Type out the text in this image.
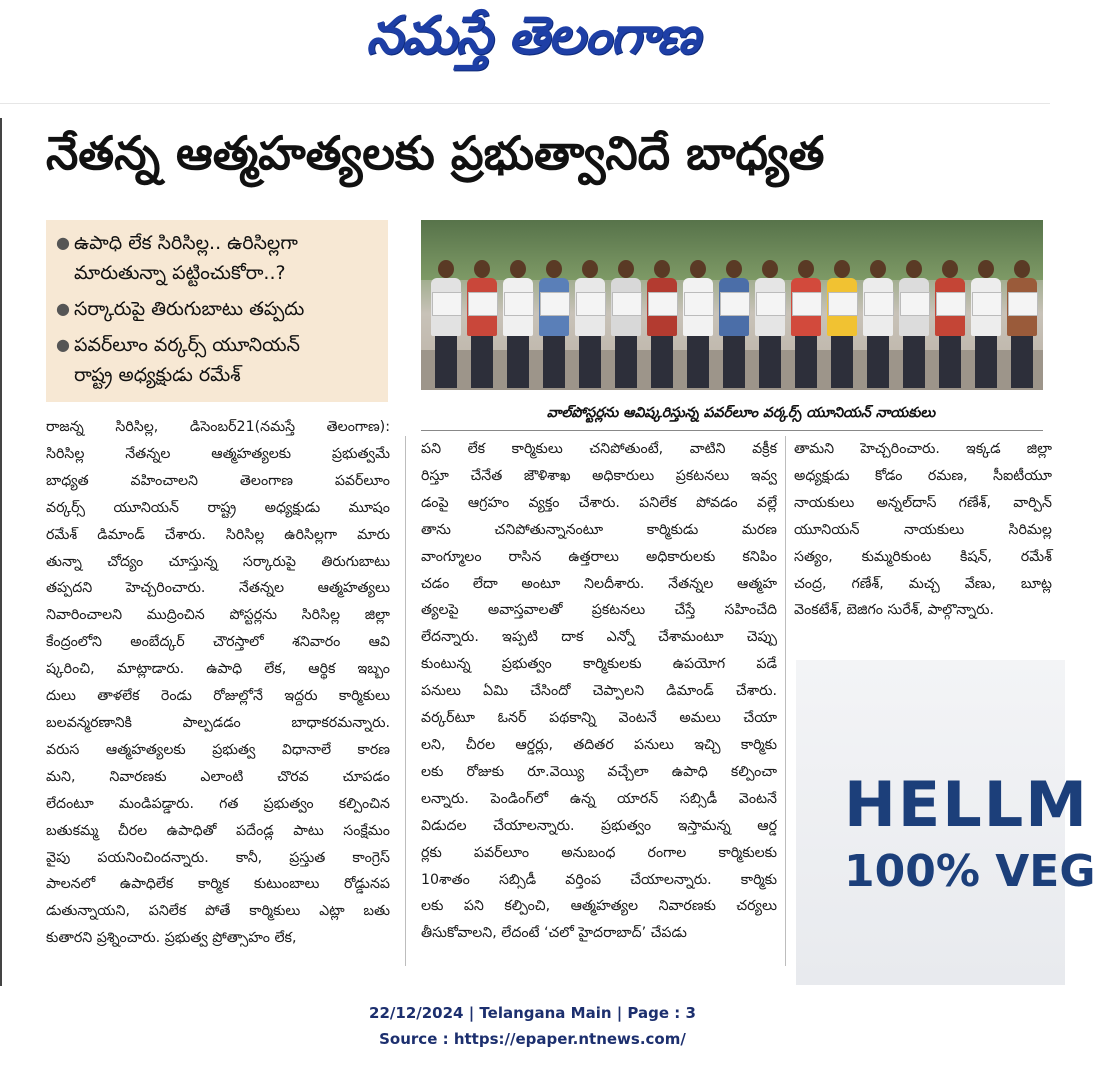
నమస్తే తెలంగాణ
నేతన్న ఆత్మహత్యలకు ప్రభుత్వానిదే బాధ్యత
● ఉపాధి లేక సిరిసిల్ల.. ఉరిసిల్లగా
మారుతున్నా పట్టించుకోరా..?
● సర్కారుపై తిరుగుబాటు తప్పదు
● పవర్‌లూం వర్కర్స్ యూనియన్
రాష్ట్ర అధ్యక్షుడు రమేశ్
వాల్‌పోస్టర్లను ఆవిష్కరిస్తున్న పవర్‌లూం వర్కర్స్ యూనియన్ నాయకులు
రాజన్న సిరిసిల్ల, డిసెంబర్21(నమస్తే తెలంగాణ):
సిరిసిల్ల నేతన్నల ఆత్మహత్యలకు ప్రభుత్వమే
బాధ్యత వహించాలని తెలంగాణ పవర్‌లూం
వర్కర్స్ యూనియన్ రాష్ట్ర అధ్యక్షుడు మూషం
రమేశ్ డిమాండ్ చేశారు. సిరిసిల్ల ఉరిసిల్లగా మారు
తున్నా చోద్యం చూస్తున్న సర్కారుపై తిరుగుబాటు
తప్పదని హెచ్చరించారు. నేతన్నల ఆత్మహత్యలు
నివారించాలని ముద్రించిన పోస్టర్లను సిరిసిల్ల జిల్లా
కేంద్రంలోని అంబేద్కర్ చౌరస్తాలో శనివారం ఆవి
ష్కరించి, మాట్లాడారు. ఉపాధి లేక, ఆర్థిక ఇబ్బం
దులు తాళలేక రెండు రోజుల్లోనే ఇద్దరు కార్మికులు
బలవన్మరణానికి పాల్పడడం బాధాకరమన్నారు.
వరుస ఆత్మహత్యలకు ప్రభుత్వ విధానాలే కారణ
మని, నివారణకు ఎలాంటి చొరవ చూపడం
లేదంటూ మండిపడ్డారు. గత ప్రభుత్వం కల్పించిన
బతుకమ్మ చీరల ఉపాధితో పదేండ్ల పాటు సంక్షేమం
వైపు పయనించిందన్నారు. కానీ, ప్రస్తుత కాంగ్రెస్
పాలనలో ఉపాధిలేక కార్మిక కుటుంబాలు రోడ్డునప
డుతున్నాయని, పనిలేక పోతే కార్మికులు ఎట్లా బతు
కుతారని ప్రశ్నించారు. ప్రభుత్వ ప్రోత్సాహం లేక,
పని లేక కార్మికులు చనిపోతుంటే, వాటిని వక్రీక
రిస్తూ చేనేత జౌళిశాఖ అధికారులు ప్రకటనలు ఇవ్వ
డంపై ఆగ్రహం వ్యక్తం చేశారు. పనిలేక పోవడం వల్లే
తాను చనిపోతున్నానంటూ కార్మికుడు మరణ
వాంగ్మూలం రాసిన ఉత్తరాలు అధికారులకు కనిపిం
చడం లేదా అంటూ నిలదీశారు. నేతన్నల ఆత్మహ
త్యలపై అవాస్తవాలతో ప్రకటనలు చేస్తే సహించేది
లేదన్నారు. ఇప్పటి దాక ఎన్నో చేశామంటూ చెప్పు
కుంటున్న ప్రభుత్వం కార్మికులకు ఉపయోగ పడే
పనులు ఏమి చేసిందో చెప్పాలని డిమాండ్ చేశారు.
వర్కర్‌టూ ఓనర్ పథకాన్ని వెంటనే అమలు చేయా
లని, చీరల ఆర్డర్లు, తదితర పనులు ఇచ్చి కార్మికు
లకు రోజుకు రూ.వెయ్యి వచ్చేలా ఉపాధి కల్పించా
లన్నారు. పెండింగ్‌లో ఉన్న యారన్ సబ్సిడీ వెంటనే
విడుదల చేయాలన్నారు. ప్రభుత్వం ఇస్తామన్న ఆర్డ
ర్లకు పవర్‌లూం అనుబంధ రంగాల కార్మికులకు
10శాతం సబ్సిడీ వర్తింప చేయాలన్నారు. కార్మికు
లకు పని కల్పించి, ఆత్మహత్యల నివారణకు చర్యలు
తీసుకోవాలని, లేదంటే ‘చలో హైదరాబాద్’ చేపడు
తామని హెచ్చరించారు. ఇక్కడ జిల్లా
అధ్యక్షుడు కోడం రమణ, సీఐటీయూ
నాయకులు అన్నల్‌దాస్ గణేశ్, వార్పిన్
యూనియన్ నాయకులు సిరిమల్ల
సత్యం, కుమ్మరికుంట కిషన్, రమేశ్
చంద్ర, గణేశ్, మచ్చ వేణు, బూట్ల
వెంకటేశ్, బెజిగం సురేశ్, పాల్గొన్నారు.
HELLM
100% VEG
22/12/2024 | Telangana Main | Page : 3
Source : https://epaper.ntnews.com/
